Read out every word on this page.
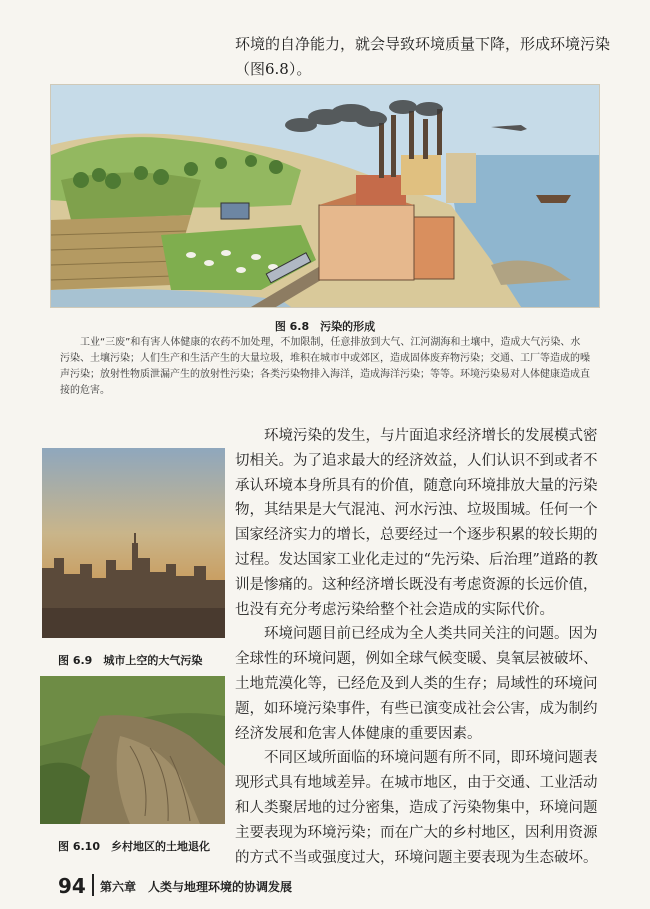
环境的自净能力，就会导致环境质量下降，形成环境污染（图6.8）。

图 6.8　污染的形成

工业“三废”和有害人体健康的农药不加处理，不加限制，任意排放到大气、江河湖海和土壤中，造成大气污染、水污染、土壤污染；人们生产和生活产生的大量垃圾，堆积在城市中或郊区，造成固体废弃物污染；交通、工厂等造成的噪声污染；放射性物质泄漏产生的放射性污染；各类污染物排入海洋，造成海洋污染；等等。环境污染易对人体健康造成直接的危害。

图 6.9　城市上空的大气污染
图 6.10　乡村地区的土地退化

环境污染的发生，与片面追求经济增长的发展模式密切相关。为了追求最大的经济效益，人们认识不到或者不承认环境本身所具有的价值，随意向环境排放大量的污染物，其结果是大气混沌、河水污浊、垃圾围城。任何一个国家经济实力的增长，总要经过一个逐步积累的较长期的过程。发达国家工业化走过的“先污染、后治理”道路的教训是惨痛的。这种经济增长既没有考虑资源的长远价值，也没有充分考虑污染给整个社会造成的实际代价。

环境问题目前已经成为全人类共同关注的问题。因为全球性的环境问题，例如全球气候变暖、臭氧层被破坏、土地荒漠化等，已经危及到人类的生存；局域性的环境问题，如环境污染事件，有些已演变成社会公害，成为制约经济发展和危害人体健康的重要因素。

不同区域所面临的环境问题有所不同，即环境问题表现形式具有地域差异。在城市地区，由于交通、工业活动和人类聚居地的过分密集，造成了污染物集中，环境问题主要表现为环境污染；而在广大的乡村地区，因利用资源的方式不当或强度过大，环境问题主要表现为生态破坏。

94 第六章　人类与地理环境的协调发展
